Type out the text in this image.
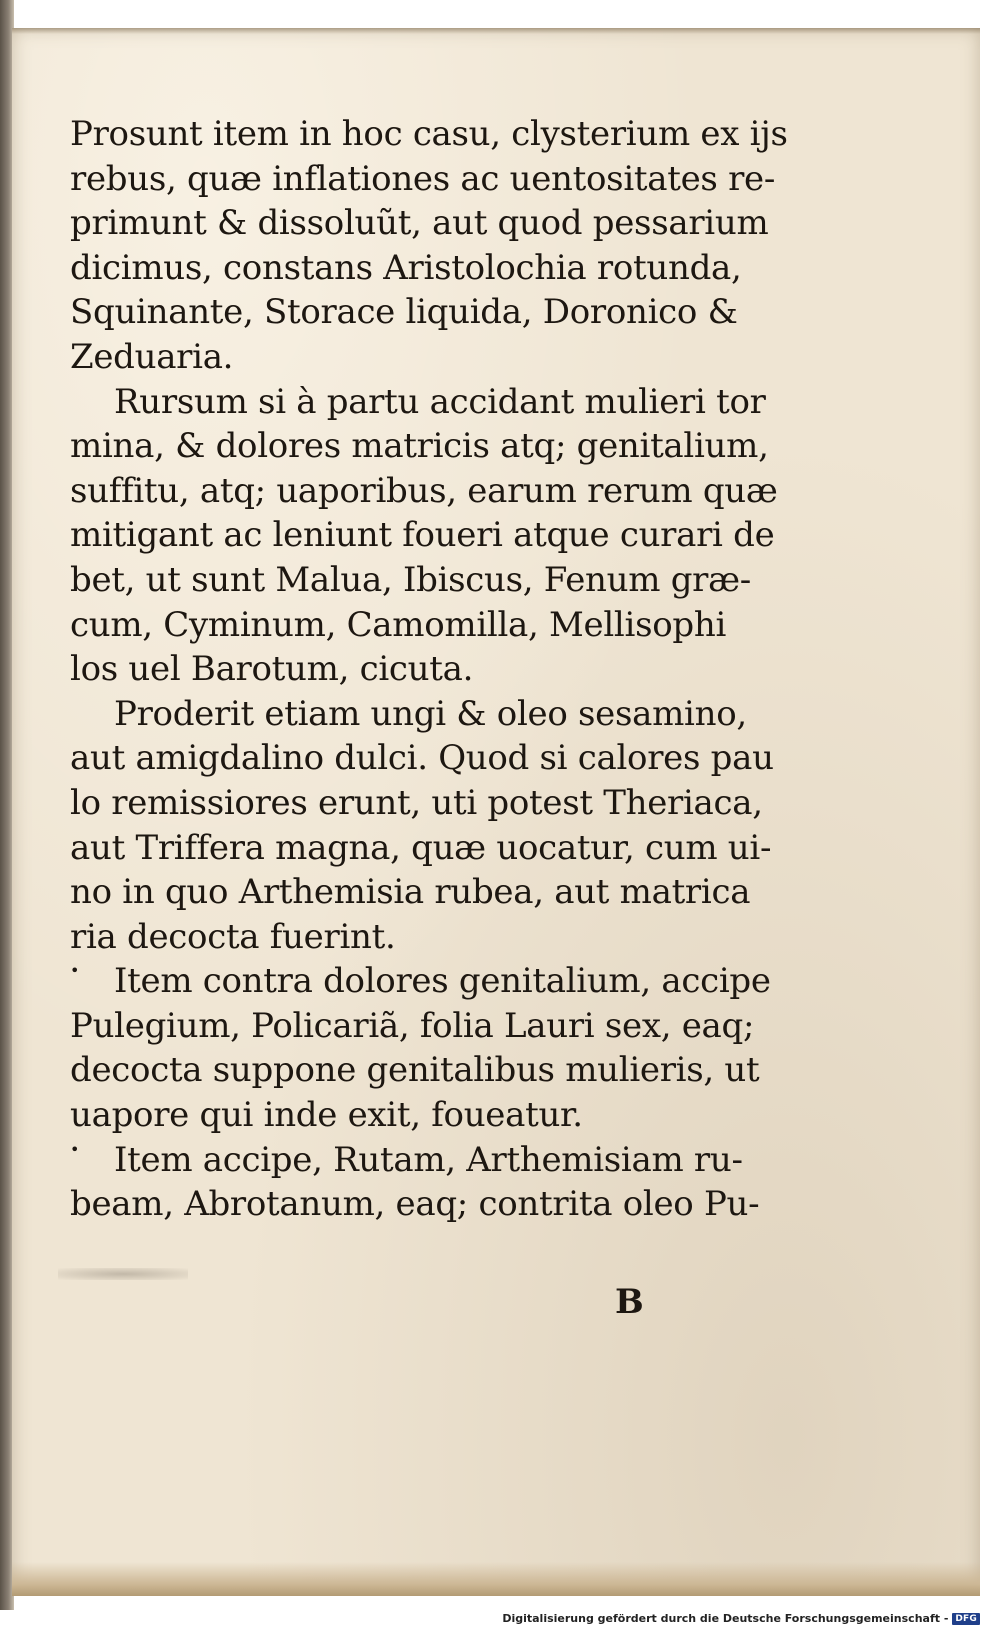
Prosunt item in hoc casu, clysterium ex ijs
rebus, quæ inflationes ac uentositates re-
primunt & dissoluũt, aut quod pessarium
dicimus, constans Aristolochia rotunda,
Squinante, Storace liquida, Doronico &
Zeduaria.
Rursum si à partu accidant mulieri tor
mina, & dolores matricis atq; genitalium,
suffitu, atq; uaporibus, earum rerum quæ
mitigant ac leniunt foueri atque curari de
bet, ut sunt Malua, Ibiscus, Fenum græ-
cum, Cyminum, Camomilla, Mellisophi
los uel Barotum, cicuta.
Proderit etiam ungi & oleo sesamino,
aut amigdalino dulci. Quod si calores pau
lo remissiores erunt, uti potest Theriaca,
aut Triffera magna, quæ uocatur, cum ui-
no in quo Arthemisia rubea, aut matrica
ria decocta fuerint.
• Item contra dolores genitalium, accipe
Pulegium, Policariã, folia Lauri sex, eaq;
decocta suppone genitalibus mulieris, ut
uapore qui inde exit, foueatur.
• Item accipe, Rutam, Arthemisiam ru-
beam, Abrotanum, eaq; contrita oleo Pu-
B
Digitalisierung gefördert durch die Deutsche Forschungsgemeinschaft - DFG
